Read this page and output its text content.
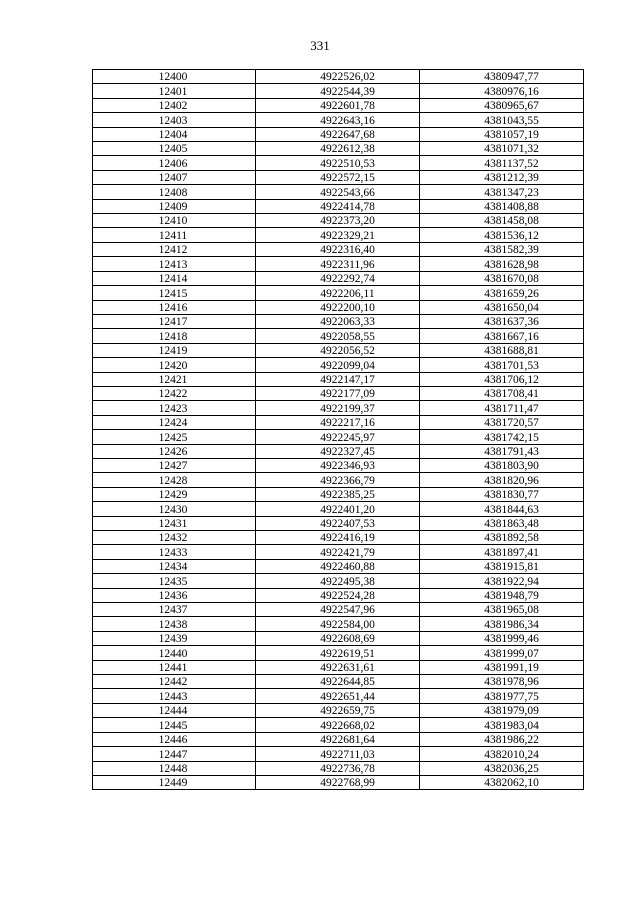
331
12400	4922526,02	4380947,77
12401	4922544,39	4380976,16
12402	4922601,78	4380965,67
12403	4922643,16	4381043,55
12404	4922647,68	4381057,19
12405	4922612,38	4381071,32
12406	4922510,53	4381137,52
12407	4922572,15	4381212,39
12408	4922543,66	4381347,23
12409	4922414,78	4381408,88
12410	4922373,20	4381458,08
12411	4922329,21	4381536,12
12412	4922316,40	4381582,39
12413	4922311,96	4381628,98
12414	4922292,74	4381670,08
12415	4922206,11	4381659,26
12416	4922200,10	4381650,04
12417	4922063,33	4381637,36
12418	4922058,55	4381667,16
12419	4922056,52	4381688,81
12420	4922099,04	4381701,53
12421	4922147,17	4381706,12
12422	4922177,09	4381708,41
12423	4922199,37	4381711,47
12424	4922217,16	4381720,57
12425	4922245,97	4381742,15
12426	4922327,45	4381791,43
12427	4922346,93	4381803,90
12428	4922366,79	4381820,96
12429	4922385,25	4381830,77
12430	4922401,20	4381844,63
12431	4922407,53	4381863,48
12432	4922416,19	4381892,58
12433	4922421,79	4381897,41
12434	4922460,88	4381915,81
12435	4922495,38	4381922,94
12436	4922524,28	4381948,79
12437	4922547,96	4381965,08
12438	4922584,00	4381986,34
12439	4922608,69	4381999,46
12440	4922619,51	4381999,07
12441	4922631,61	4381991,19
12442	4922644,85	4381978,96
12443	4922651,44	4381977,75
12444	4922659,75	4381979,09
12445	4922668,02	4381983,04
12446	4922681,64	4381986,22
12447	4922711,03	4382010,24
12448	4922736,78	4382036,25
12449	4922768,99	4382062,10
